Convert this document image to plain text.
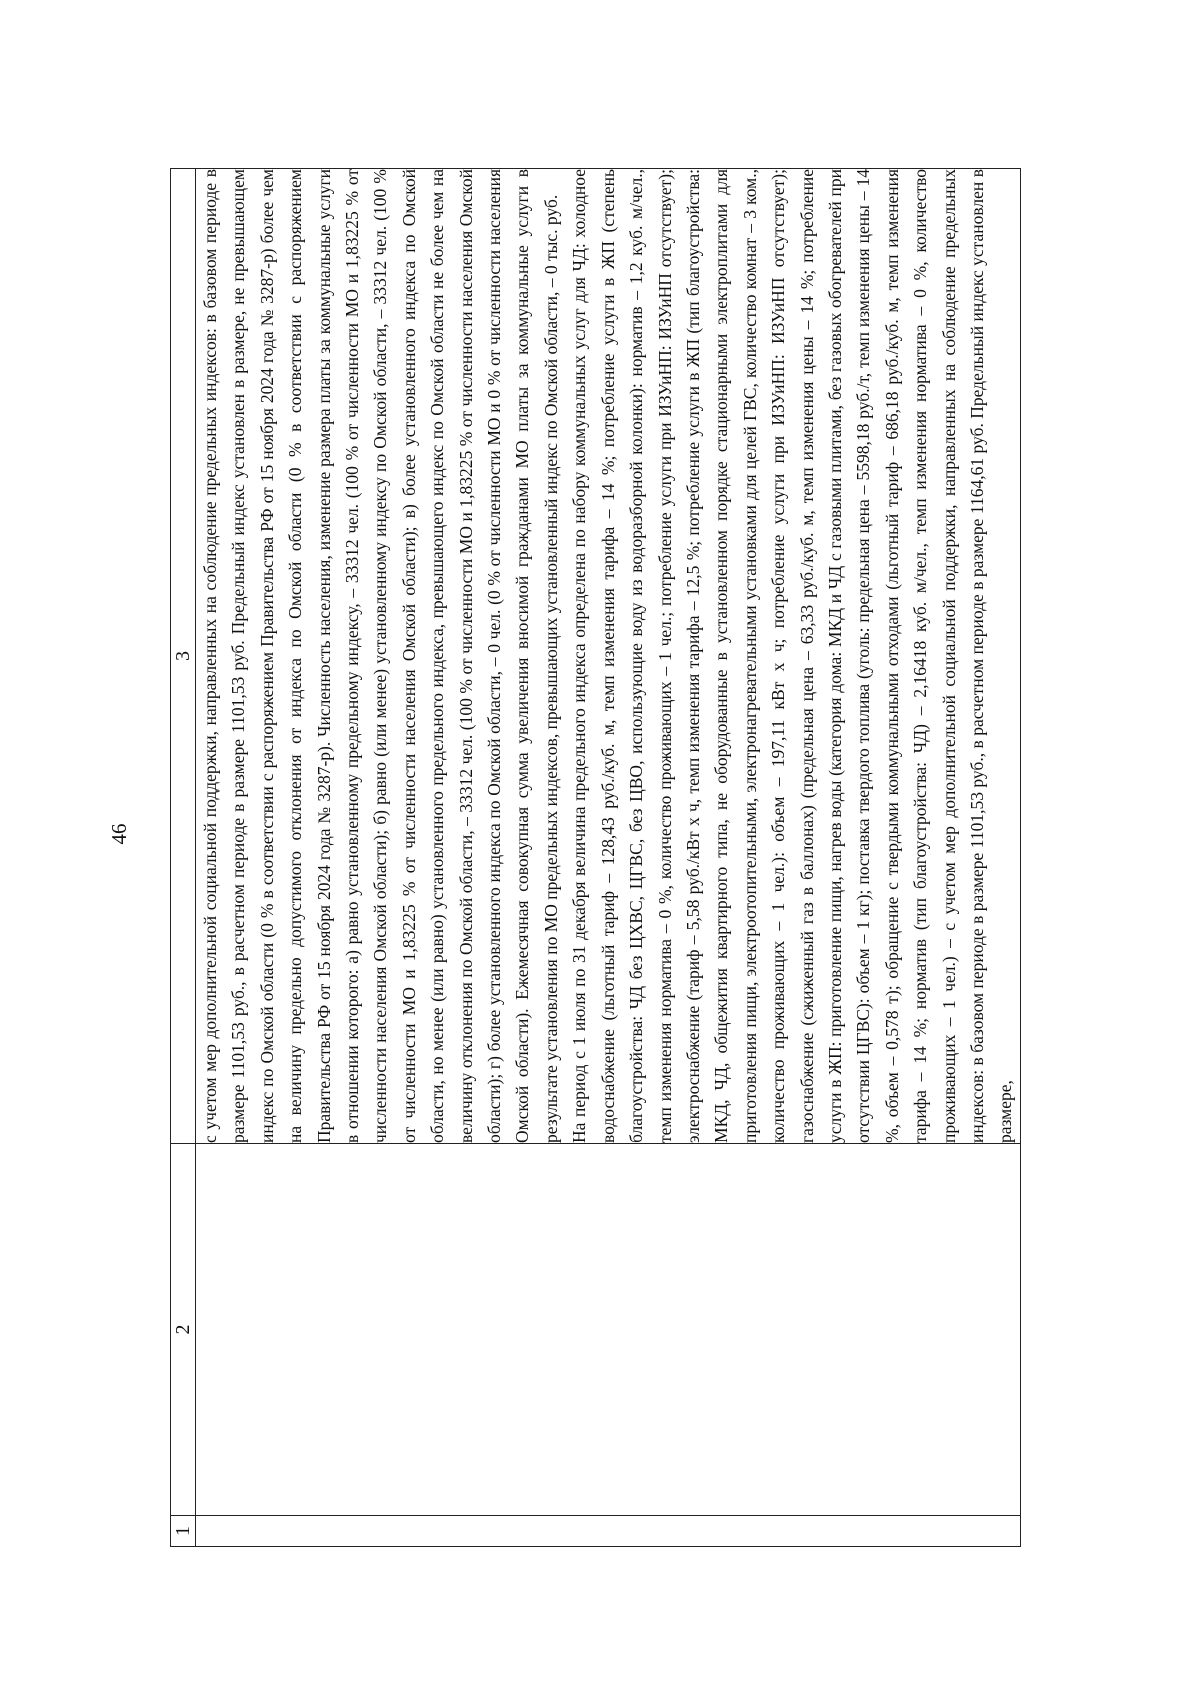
46
1	2	3

		с учетом мер дополнительной социальной поддержки, направленных на соблюдение предельных индексов: в базовом периоде в размере 1101,53 руб., в расчетном периоде в размере 1101,53 руб. Предельный индекс установлен в размере, не превышающем индекс по Омской области (0 % в соответствии с распоряжением Правительства РФ от 15 ноября 2024 года № 3287-р) более чем на величину предельно допустимого отклонения от индекса по Омской области (0 % в соответствии с распоряжением Правительства РФ от 15 ноября 2024 года № 3287-р). Численность населения, изменение размера платы за коммунальные услуги в отношении которого: а) равно установленному предельному индексу, – 33312 чел. (100 % от численности МО и 1,83225 % от численности населения Омской области); б) равно (или менее) установленному индексу по Омской области, – 33312 чел. (100 % от численности МО и 1,83225 % от численности населения Омской области); в) более установленного индекса по Омской области, но менее (или равно) установленного предельного индекса, превышающего индекс по Омской области не более чем на величину отклонения по Омской области, – 33312 чел. (100 % от численности МО и 1,83225 % от численности населения Омской области); г) более установленного индекса по Омской области, – 0 чел. (0 % от численности МО и 0 % от численности населения Омской области). Ежемесячная совокупная сумма увеличения вносимой гражданами МО платы за коммунальные услуги в результате установления по МО предельных индексов, превышающих установленный индекс по Омской области, – 0 тыс. руб. На период с 1 июля по 31 декабря величина предельного индекса определена по набору коммунальных услуг для ЧД: холодное водоснабжение (льготный тариф – 128,43 руб./куб. м, темп изменения тарифа – 14 %; потребление услуги в ЖП (степень благоустройства: ЧД без ЦХВС, ЦГВС, без ЦВО, использующие воду из водоразборной колонки): норматив – 1,2 куб. м/чел., темп изменения норматива – 0 %, количество проживающих – 1 чел.; потребление услуги при ИЗУиНП: ИЗУиНП отсутствует); электроснабжение (тариф – 5,58 руб./кВт х ч, темп изменения тарифа – 12,5 %; потребление услуги в ЖП (тип благоустройства: МКД, ЧД, общежития квартирного типа, не оборудованные в установленном порядке стационарными электроплитами для приготовления пищи, электроотопительными, электронагревательными установками для целей ГВС, количество комнат – 3 ком., количество проживающих – 1 чел.): объем – 197,11 кВт х ч; потребление услуги при ИЗУиНП: ИЗУиНП отсутствует); газоснабжение (сжиженный газ в баллонах) (предельная цена – 63,33 руб./куб. м, темп изменения цены – 14 %; потребление услуги в ЖП: приготовление пищи, нагрев воды (категория дома: МКД и ЧД с газовыми плитами, без газовых обогревателей при отсутствии ЦГВС): объем – 1 кг); поставка твердого топлива (уголь: предельная цена – 5598,18 руб./т, темп изменения цены – 14 %, объем – 0,578 т); обращение с твердыми коммунальными отходами (льготный тариф – 686,18 руб./куб. м, темп изменения тарифа – 14 %; норматив (тип благоустройства: ЧД) – 2,16418 куб. м/чел., темп изменения норматива – 0 %, количество проживающих – 1 чел.) – с учетом мер дополнительной социальной поддержки, направленных на соблюдение предельных индексов: в базовом периоде в размере 1101,53 руб., в расчетном периоде в размере 1164,61 руб. Предельный индекс установлен в размере,
